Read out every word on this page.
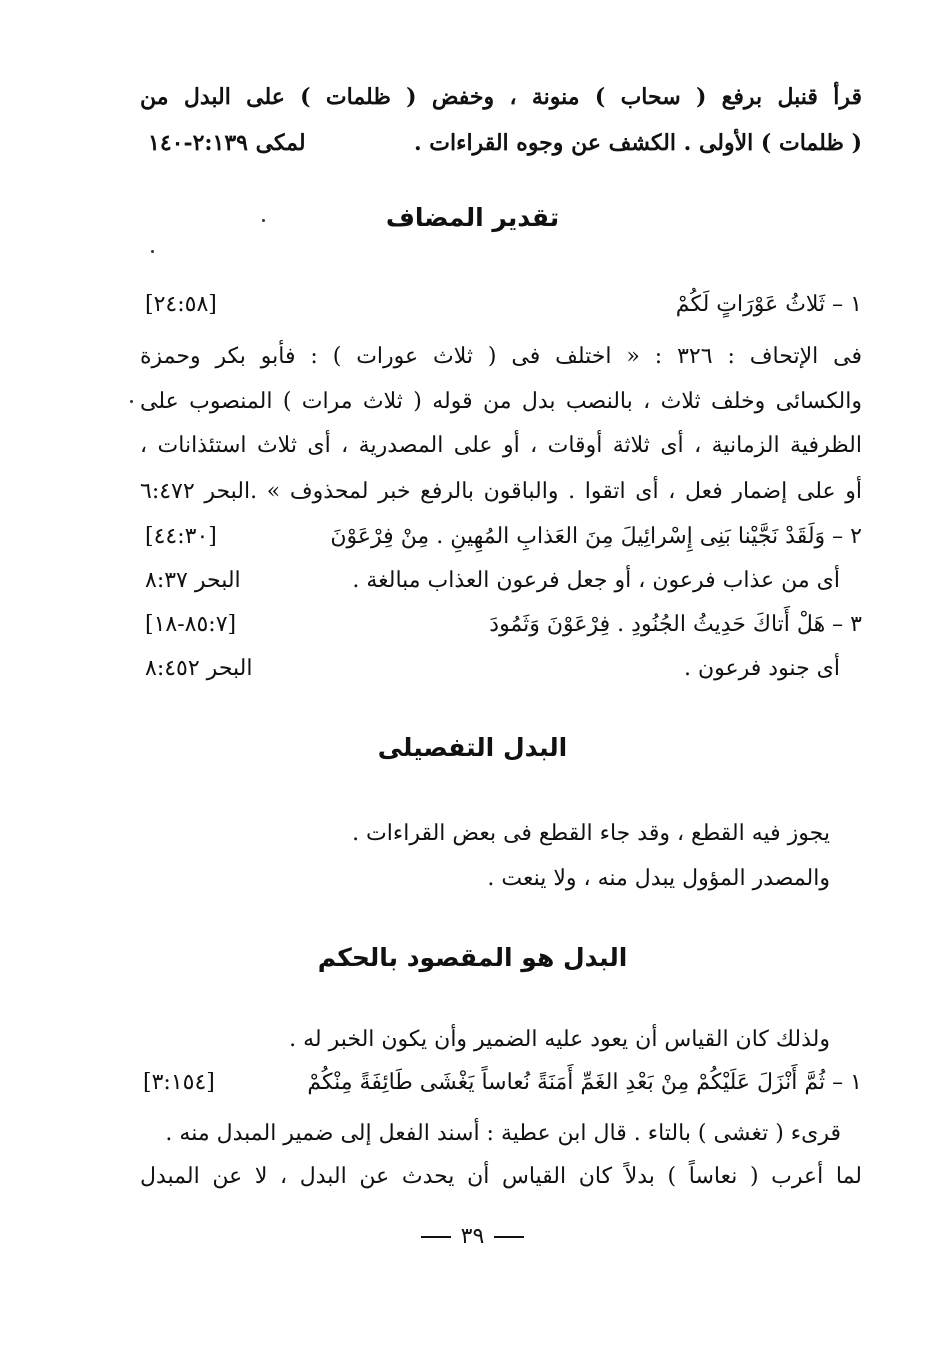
قرأ قنبل برفع ( سحاب ) منونة ، وخفض ( ظلمات ) على البدل من
( ظلمات ) الأولى . الكشف عن وجوه القراءات .
لمكى ٢:١٣٩-١٤٠
تقدير المضاف
١ – ثَلاثُ عَوْرَاتٍ لَكُمْ
[٢٤:٥٨]
فى الإتحاف : ٣٢٦ : « اختلف فى ( ثلاث عورات ) : فأبو بكر وحمزة
والكسائى وخلف ثلاث ، بالنصب بدل من قوله ( ثلاث مرات ) المنصوب على
الظرفية الزمانية ، أى ثلاثة أوقات ، أو على المصدرية ، أى ثلاث استئذانات ،
أو على إضمار فعل ، أى اتقوا . والباقون بالرفع خبر لمحذوف » .البحر ٦:٤٧٢
٢ – وَلَقَدْ نَجَّيْنا بَنِى إِسْرائِيلَ مِنَ العَذابِ المُهِينِ . مِنْ فِرْعَوْنَ
[٤٤:٣٠]
أى من عذاب فرعون ، أو جعل فرعون العذاب مبالغة .
البحر ٨:٣٧
٣ – هَلْ أَتاكَ حَدِيثُ الجُنُودِ . فِرْعَوْنَ وَثَمُودَ
[٨٥:٧-١٨]
أى جنود فرعون .
البحر ٨:٤٥٢
البدل التفصيلى
يجوز فيه القطع ، وقد جاء القطع فى بعض القراءات .
والمصدر المؤول يبدل منه ، ولا ينعت .
البدل هو المقصود بالحكم
ولذلك كان القياس أن يعود عليه الضمير وأن يكون الخبر له .
١ – ثُمَّ أَنْزَلَ عَلَيْكُمْ مِنْ بَعْدِ الغَمِّ أَمَنَةً نُعاساً يَغْشَى طَائِفَةً مِنْكُمْ
[٣:١٥٤]
قرىء ( تغشى ) بالتاء . قال ابن عطية : أسند الفعل إلى ضمير المبدل منه .
لما أعرب ( نعاساً ) بدلاً كان القياس أن يحدث عن البدل ، لا عن المبدل
٣٩
